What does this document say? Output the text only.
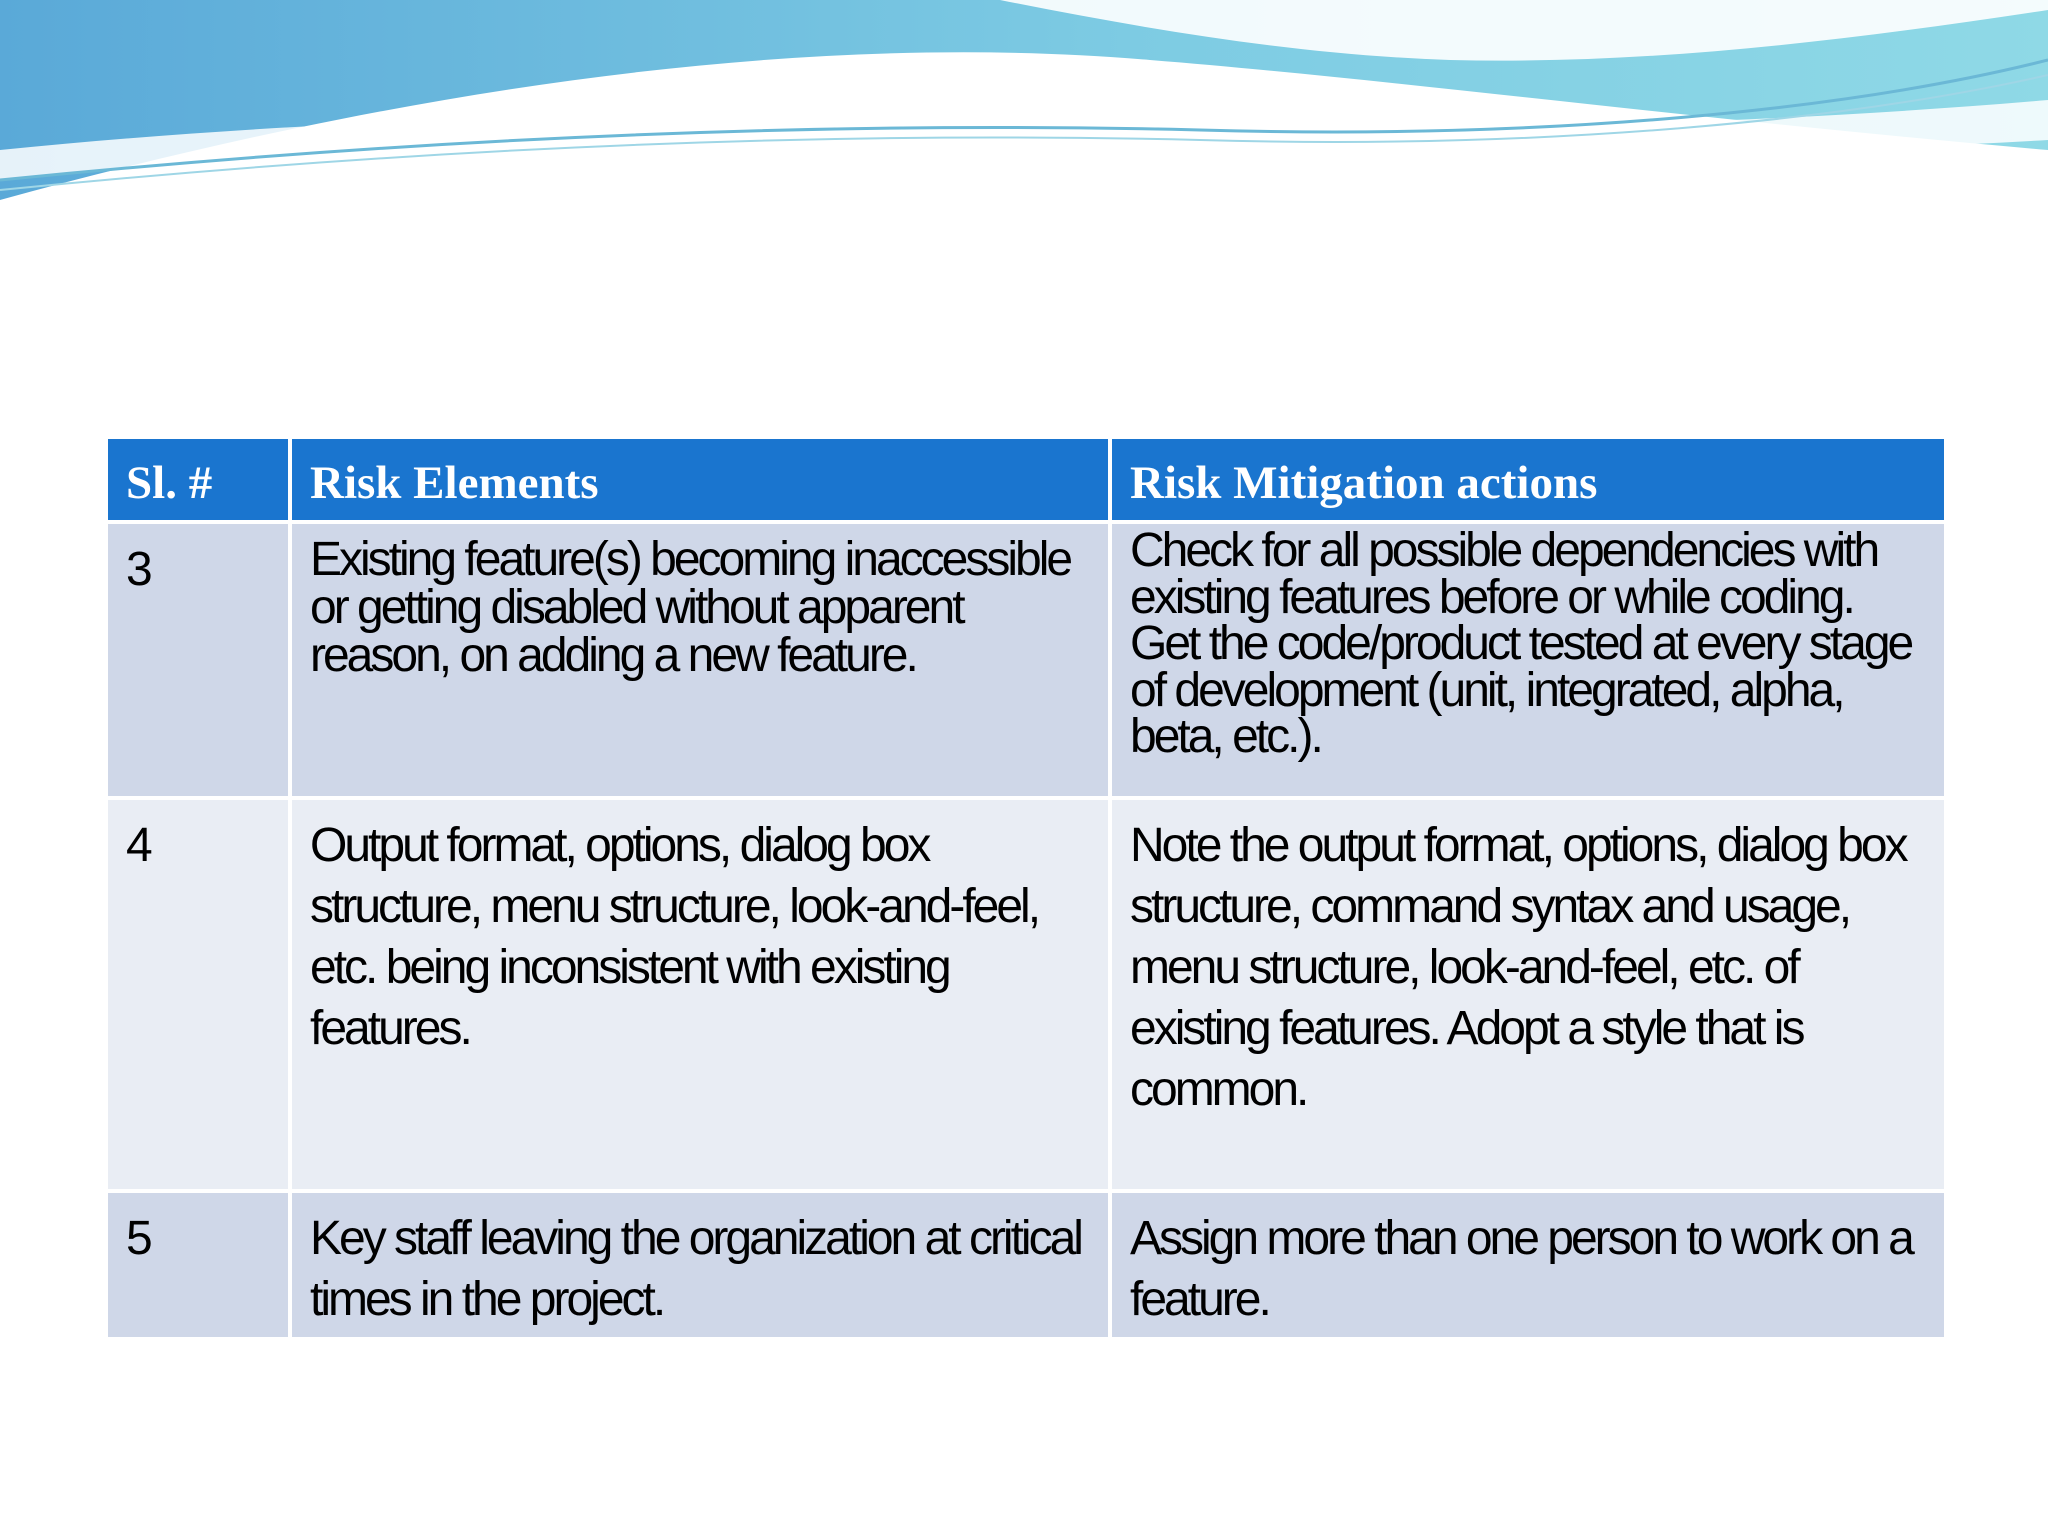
Sl. #	Risk Elements	Risk Mitigation actions
3	Existing feature(s) becoming inaccessible or getting disabled without apparent reason, on adding a new feature.	Check for all possible dependencies with existing features before or while coding. Get the code/product tested at every stage of development (unit, integrated, alpha, beta, etc.).
4	Output format, options, dialog box structure, menu structure, look-and-feel, etc. being inconsistent with existing features.	Note the output format, options, dialog box structure, command syntax and usage, menu structure, look-and-feel, etc. of existing features. Adopt a style that is common.
5	Key staff leaving the organization at critical times in the project.	Assign more than one person to work on a feature.
